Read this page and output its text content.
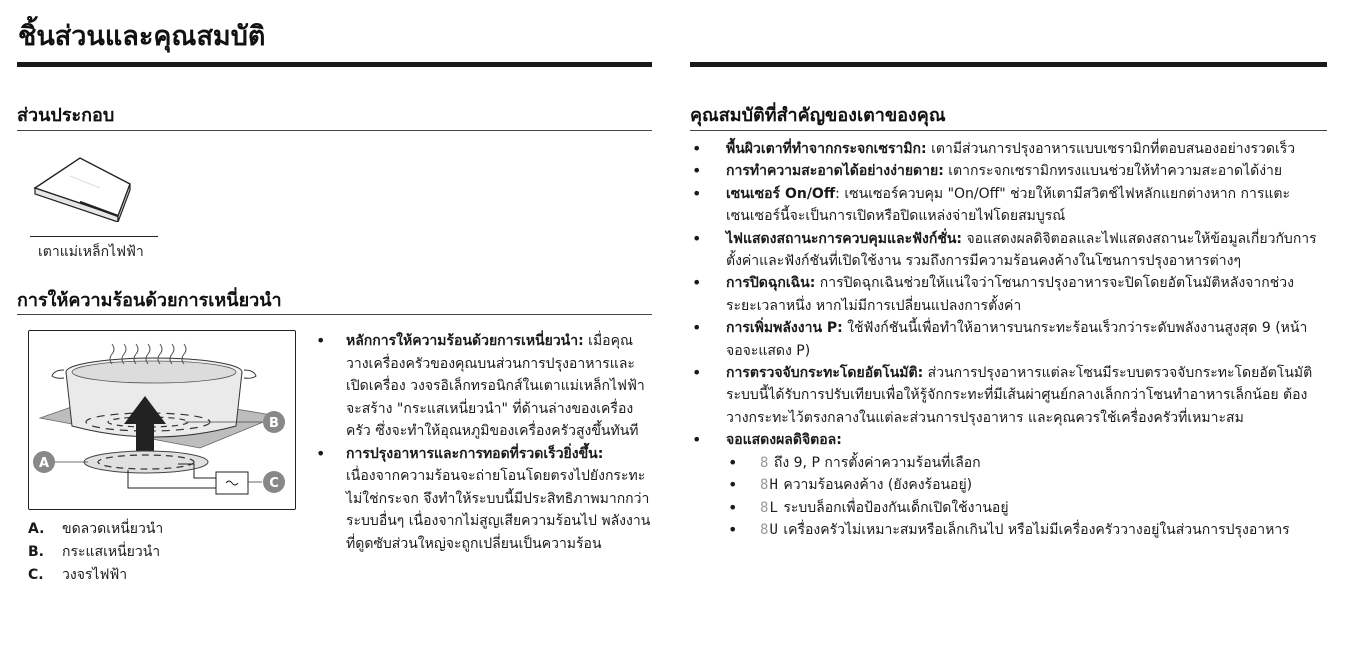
ชิ้นส่วนและคุณสมบัติ
ส่วนประกอบ
เตาแม่เหล็กไฟฟ้า
การให้ความร้อนด้วยการเหนี่ยวนำ
B
A
C
A. ขดลวดเหนี่ยวนำ
B. กระแสเหนี่ยวนำ
C. วงจรไฟฟ้า
• หลักการให้ความร้อนด้วยการเหนี่ยวนำ: เมื่อคุณวางเครื่องครัวของคุณบนส่วนการปรุงอาหารและเปิดเครื่อง วงจรอิเล็กทรอนิกส์ในเตาแม่เหล็กไฟฟ้าจะสร้าง "กระแสเหนี่ยวนำ" ที่ด้านล่างของเครื่องครัว ซึ่งจะทำให้อุณหภูมิของเครื่องครัวสูงขึ้นทันที
• การปรุงอาหารและการทอดที่รวดเร็วยิ่งขึ้น: เนื่องจากความร้อนจะถ่ายโอนโดยตรงไปยังกระทะ ไม่ใช่กระจก จึงทำให้ระบบนี้มีประสิทธิภาพมากกว่าระบบอื่นๆ เนื่องจากไม่สูญเสียความร้อนไป พลังงานที่ดูดซับส่วนใหญ่จะถูกเปลี่ยนเป็นความร้อน
คุณสมบัติที่สำคัญของเตาของคุณ
• พื้นผิวเตาที่ทำจากกระจกเซรามิก: เตามีส่วนการปรุงอาหารแบบเซรามิกที่ตอบสนองอย่างรวดเร็ว
• การทำความสะอาดได้อย่างง่ายดาย: เตากระจกเซรามิกทรงแบนช่วยให้ทำความสะอาดได้ง่าย
• เซนเซอร์ On/Off: เซนเซอร์ควบคุม "On/Off" ช่วยให้เตามีสวิตช์ไฟหลักแยกต่างหาก การแตะเซนเซอร์นี้จะเป็นการเปิดหรือปิดแหล่งจ่ายไฟโดยสมบูรณ์
• ไฟแสดงสถานะการควบคุมและฟังก์ชั่น: จอแสดงผลดิจิตอลและไฟแสดงสถานะให้ข้อมูลเกี่ยวกับการตั้งค่าและฟังก์ชันที่เปิดใช้งาน รวมถึงการมีความร้อนคงค้างในโซนการปรุงอาหารต่างๆ
• การปิดฉุกเฉิน: การปิดฉุกเฉินช่วยให้แน่ใจว่าโซนการปรุงอาหารจะปิดโดยอัตโนมัติหลังจากช่วงระยะเวลาหนึ่ง หากไม่มีการเปลี่ยนแปลงการตั้งค่า
• การเพิ่มพลังงาน P: ใช้ฟังก์ชันนี้เพื่อทำให้อาหารบนกระทะร้อนเร็วกว่าระดับพลังงานสูงสุด 9 (หน้าจอจะแสดง P)
• การตรวจจับกระทะโดยอัตโนมัติ: ส่วนการปรุงอาหารแต่ละโซนมีระบบตรวจจับกระทะโดยอัตโนมัติ ระบบนี้ได้รับการปรับเทียบเพื่อให้รู้จักกระทะที่มีเส้นผ่าศูนย์กลางเล็กกว่าโซนทำอาหารเล็กน้อย ต้องวางกระทะไว้ตรงกลางในแต่ละส่วนการปรุงอาหาร และคุณควรใช้เครื่องครัวที่เหมาะสม
• จอแสดงผลดิจิตอล:
• 8 ถึง 9, P การตั้งค่าความร้อนที่เลือก
• 8H ความร้อนคงค้าง (ยังคงร้อนอยู่)
• 8L ระบบล็อกเพื่อป้องกันเด็กเปิดใช้งานอยู่
• 8U เครื่องครัวไม่เหมาะสมหรือเล็กเกินไป หรือไม่มีเครื่องครัววางอยู่ในส่วนการปรุงอาหาร
